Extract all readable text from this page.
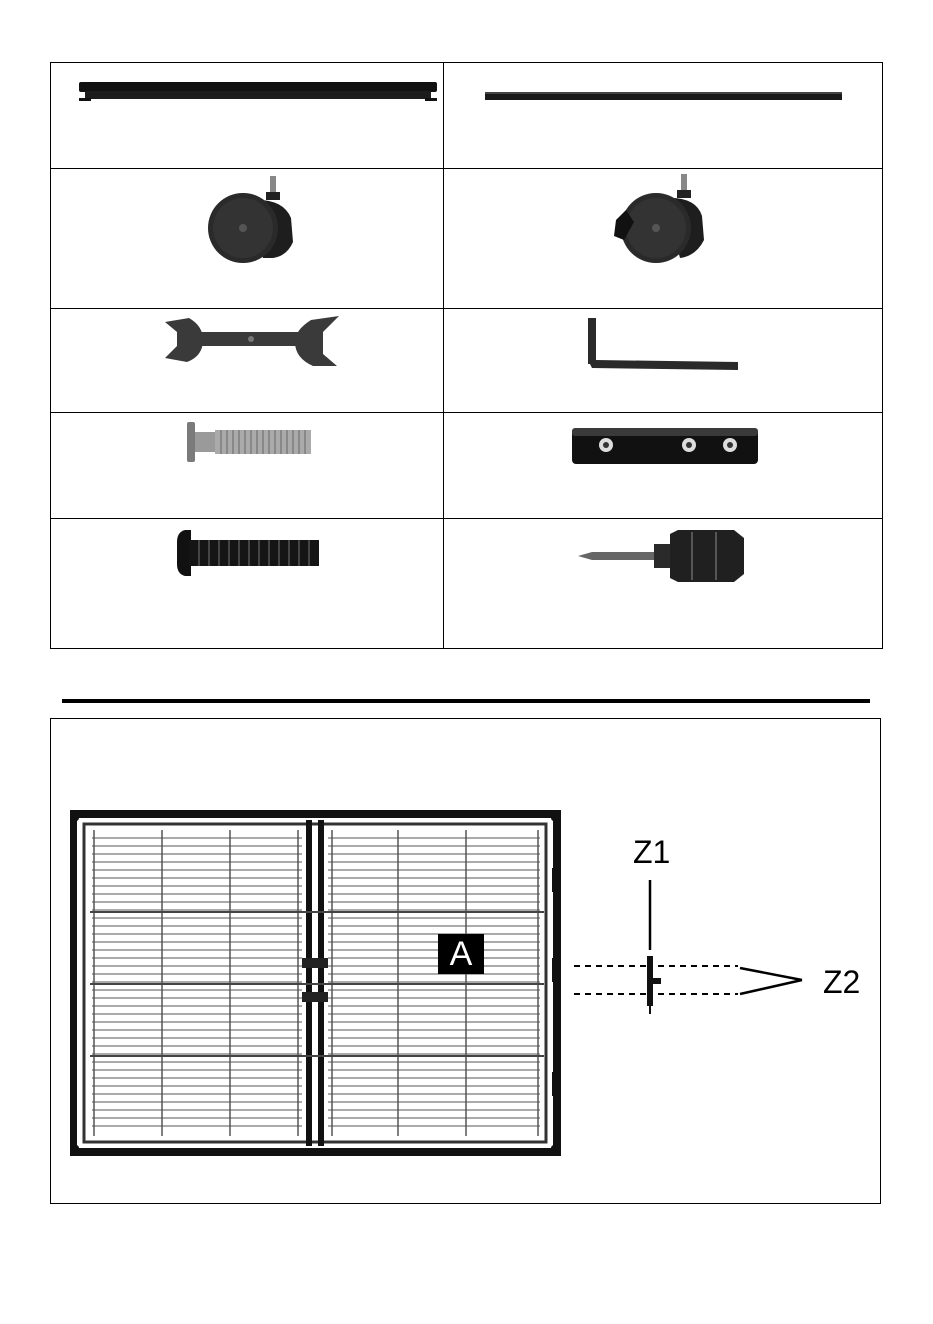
A
Z1
Z2
